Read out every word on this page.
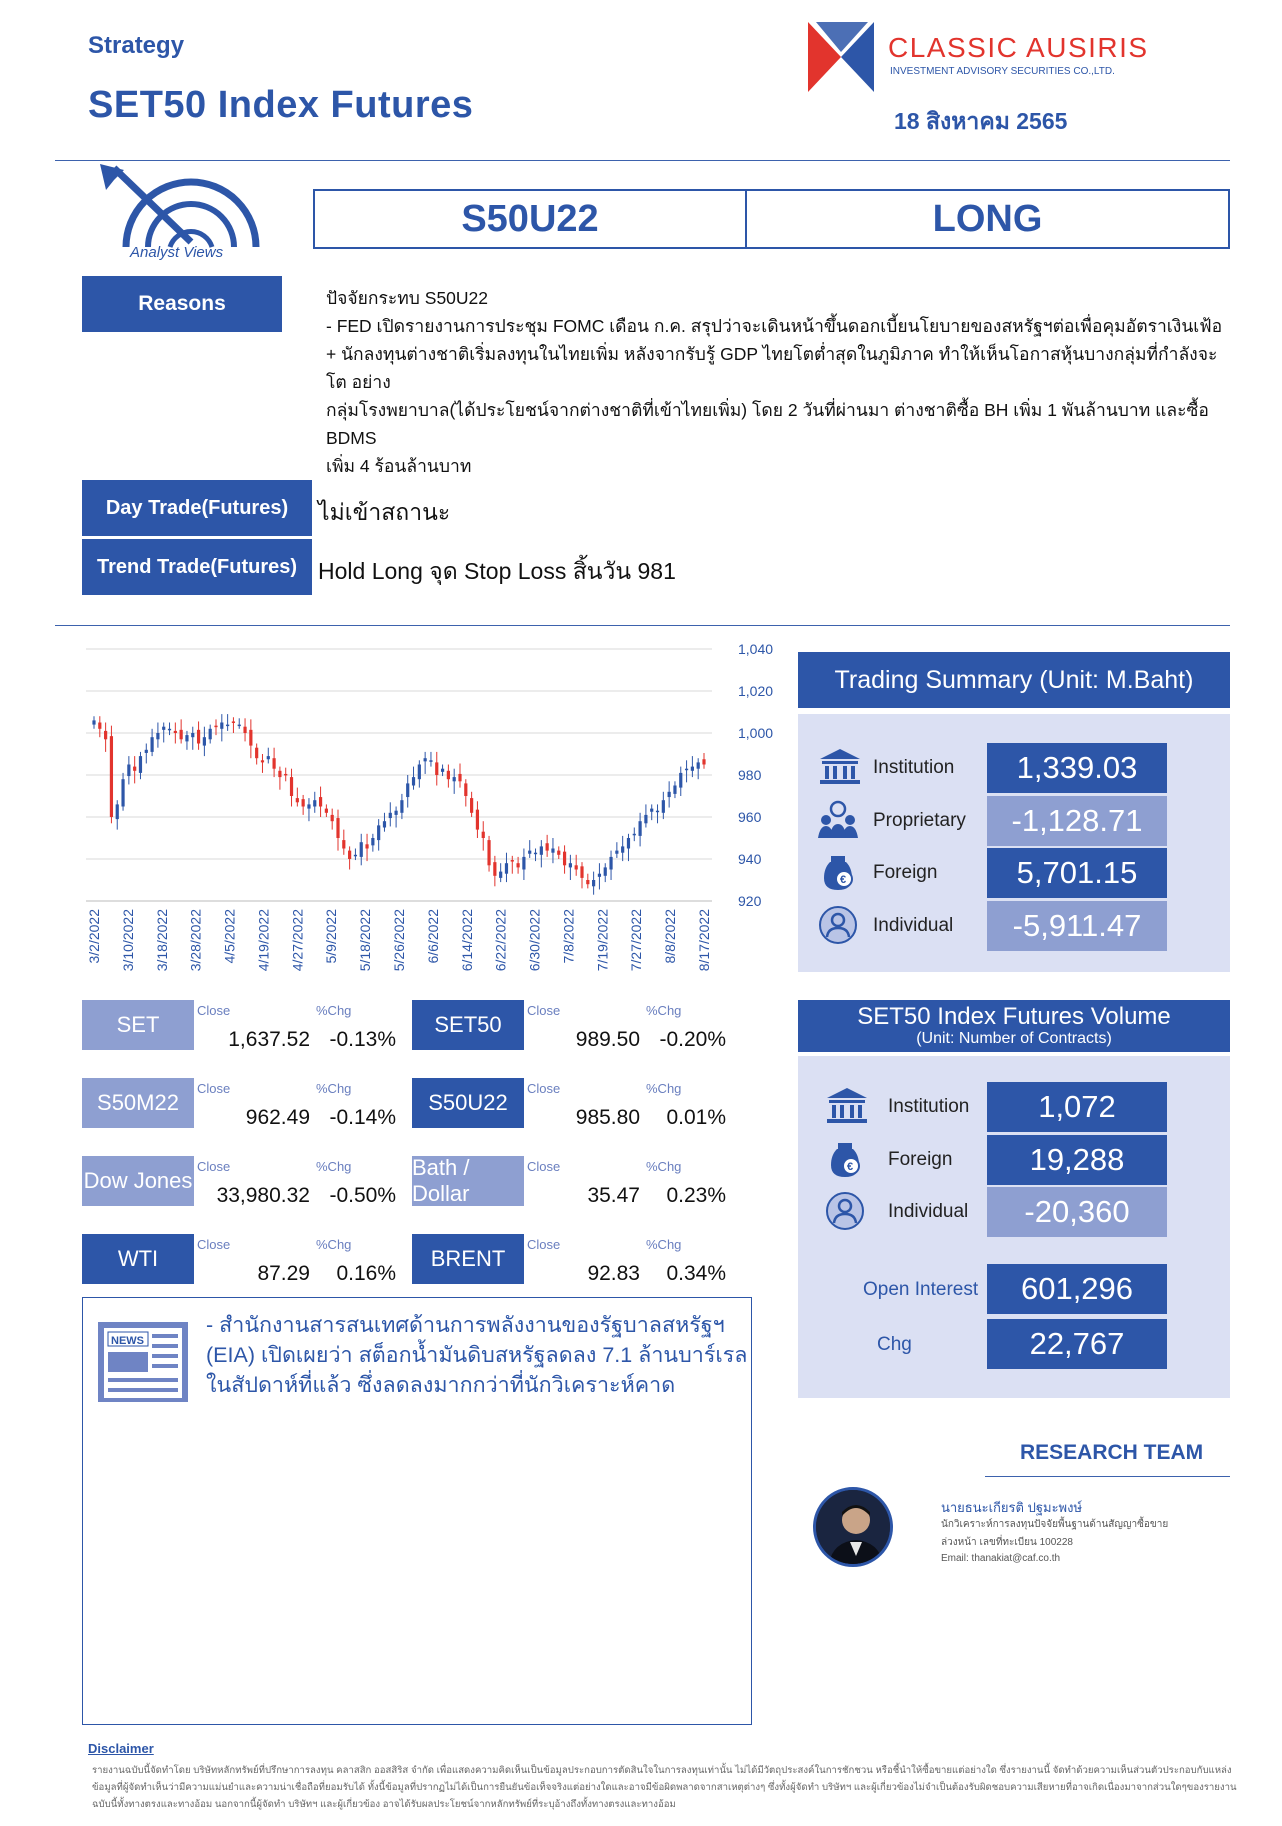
Strategy
SET50 Index Futures
CLASSIC AUSIRIS
INVESTMENT ADVISORY SECURITIES CO.,LTD.
18 สิงหาคม 2565
Analyst Views
S50U22	LONG
Reasons	ปัจจัยกระทบ S50U22
- FED เปิดรายงานการประชุม FOMC เดือน ก.ค. สรุปว่าจะเดินหน้าขึ้นดอกเบี้ยนโยบายของสหรัฐฯต่อเพื่อคุมอัตราเงินเฟ้อ
+ นักลงทุนต่างชาติเริ่มลงทุนในไทยเพิ่ม หลังจากรับรู้ GDP ไทยโตต่ำสุดในภูมิภาค ทำให้เห็นโอกาสหุ้นบางกลุ่มที่กำลังจะโต อย่าง
กลุ่มโรงพยาบาล(ได้ประโยชน์จากต่างชาติที่เข้าไทยเพิ่ม) โดย 2 วันที่ผ่านมา ต่างชาติซื้อ BH เพิ่ม 1 พันล้านบาท และซื้อ BDMS
เพิ่ม 4 ร้อนล้านบาท
Day Trade(Futures)	ไม่เข้าสถานะ
Trend Trade(Futures) Hold Long จุด Stop Loss สิ้นวัน 981
1,040
1,020
1,000
980
960
940
920
3/2/2022 3/10/2022 3/18/2022 3/28/2022 4/5/2022 4/19/2022 4/27/2022 5/9/2022 5/18/2022 5/26/2022 6/6/2022 6/14/2022 6/22/2022 6/30/2022 7/8/2022 7/19/2022 7/27/2022 8/8/2022 8/17/2022
SET
Close	%Chg
1,637.52 -0.13%
SET50
Close	%Chg
989.50 -0.20%
S50M22
Close	%Chg
962.49 -0.14%
S50U22
Close	%Chg
985.80	0.01%
Dow Jones
Close	%Chg
33,980.32 -0.50%
Bath / Dollar
Close	%Chg
35.47	0.23%
WTI
Close	%Chg
87.29	0.16%
BRENT
Close	%Chg
92.83	0.34%
NEWS
- สำนักงานสารสนเทศด้านการพลังงานของรัฐบาลสหรัฐฯ
(EIA) เปิดเผยว่า สต็อกน้ำมันดิบสหรัฐลดลง 7.1 ล้านบาร์เรล
ในสัปดาห์ที่แล้ว ซึ่งลดลงมากกว่าที่นักวิเคราะห์คาด
Trading Summary (Unit: M.Baht)
Institution	1,339.03
Proprietary	-1,128.71
€ Foreign	5,701.15
Individual	-5,911.47
SET50 Index Futures Volume
(Unit: Number of Contracts)
Institution	1,072
€ Foreign	19,288
Individual	-20,360
Open Interest	601,296
Chg	22,767
RESEARCH TEAM
นายธนะเกียรติ ปฐมะพงษ์
นักวิเคราะห์การลงทุนปัจจัยพื้นฐานด้านสัญญาซื้อขาย
ล่วงหน้า เลขที่ทะเบียน 100228
Email: thanakiat@caf.co.th
Disclaimer
รายงานฉบับนี้จัดทำโดย บริษัทหลักทรัพย์ที่ปรึกษาการลงทุน คลาสสิก ออสสิริส จำกัด เพื่อแสดงความคิดเห็นเป็นข้อมูลประกอบการตัดสินใจในการลงทุนเท่านั้น ไม่ได้มีวัตถุประสงค์ในการชักชวน หรือชี้นำให้ซื้อขายแต่อย่างใด ซึ่งรายงานนี้ จัดทำด้วยความเห็นส่วนตัวประกอบกับแหล่งข้อมูลที่ผู้จัดทำเห็นว่ามีความแม่นยำและความน่าเชื่อถือที่ยอมรับได้ ทั้งนี้ข้อมูลที่ปรากฏไม่ได้เป็นการยืนยันข้อเท็จจริงแต่อย่างใดและอาจมีข้อผิดพลาดจากสาเหตุต่างๆ ซึ่งทั้งผู้จัดทำ บริษัทฯ และผู้เกี่ยวข้องไม่จำเป็นต้องรับผิดชอบความเสียหายที่อาจเกิดเนื่องมาจากส่วนใดๆของรายงานฉบับนี้ทั้งทางตรงและทางอ้อม นอกจากนี้ผู้จัดทำ บริษัทฯ และผู้เกี่ยวข้อง อาจได้รับผลประโยชน์จากหลักทรัพย์ที่ระบุอ้างถึงทั้งทางตรงและทางอ้อม
